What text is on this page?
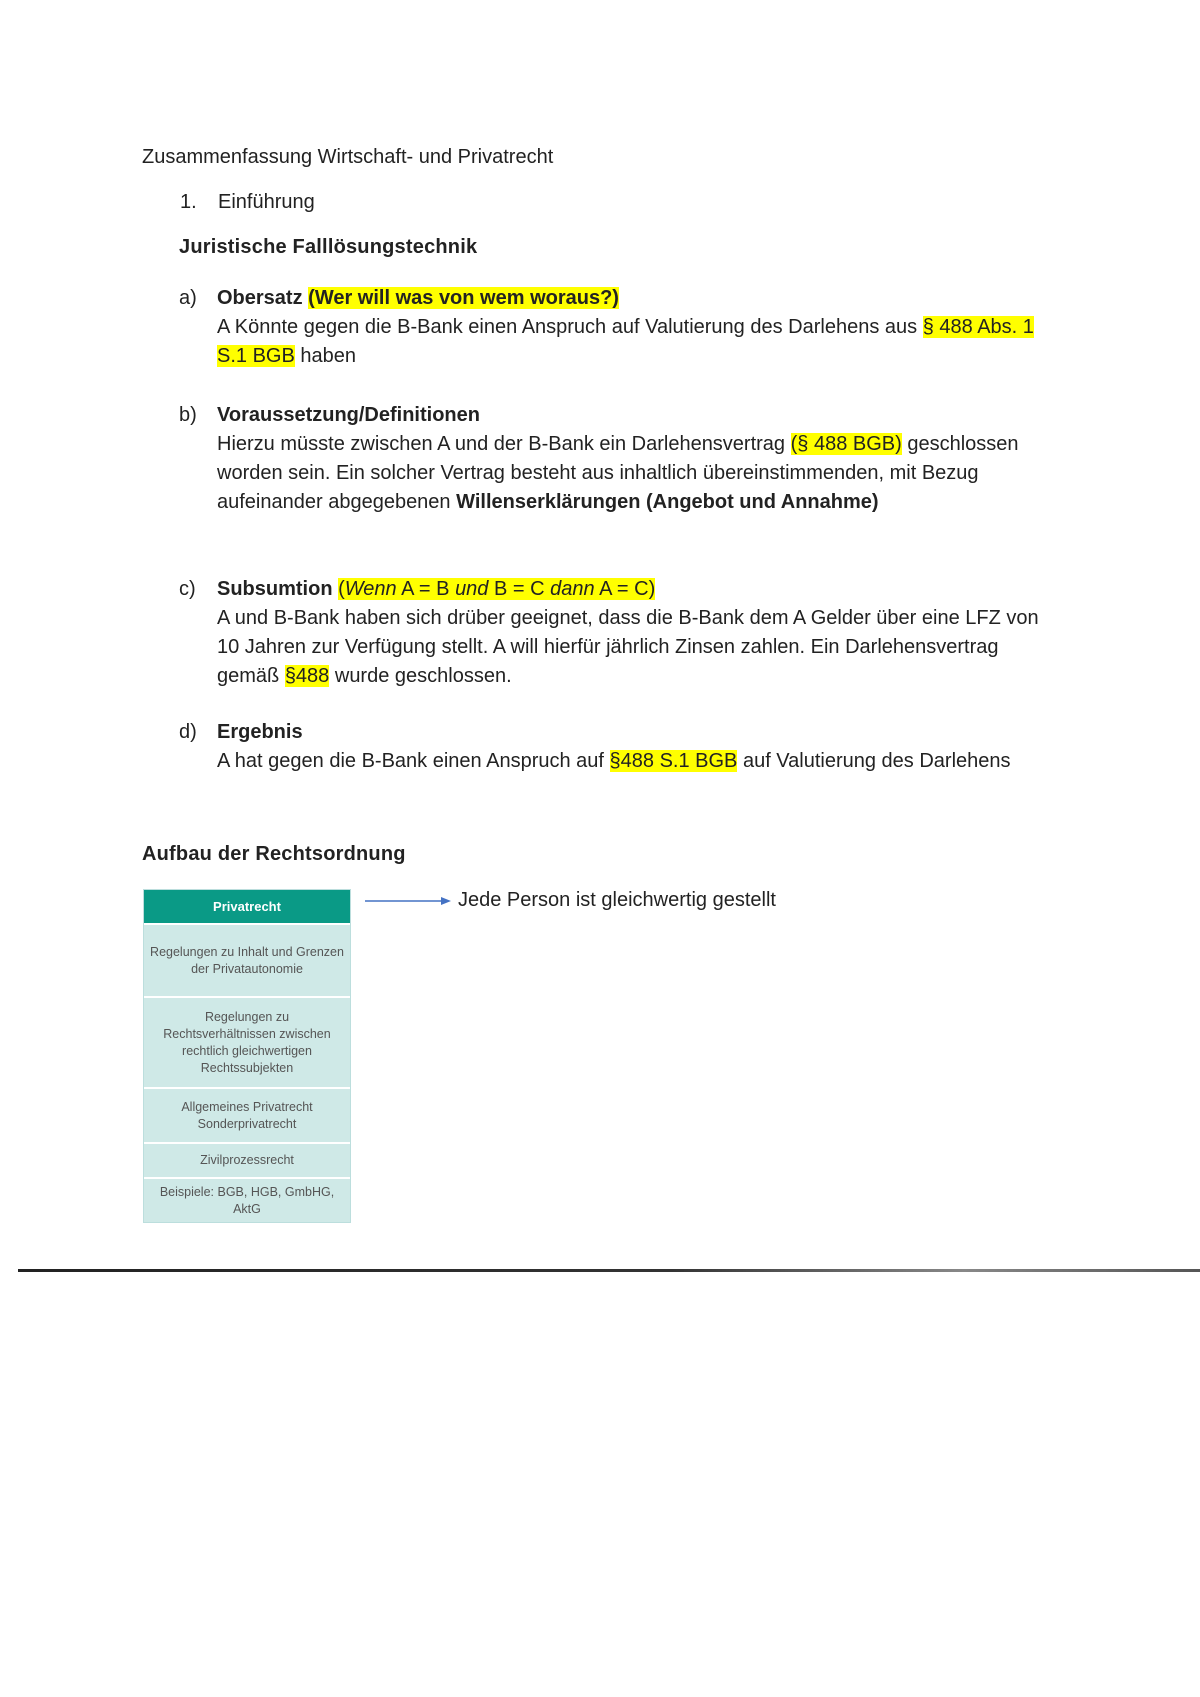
Zusammenfassung Wirtschaft- und Privatrecht
1. Einführung
Juristische Falllösungstechnik
a)	Obersatz (Wer will was von wem woraus?)
A Könnte gegen die B-Bank einen Anspruch auf Valutierung des Darlehens aus § 488 Abs. 1 S.1 BGB haben
b)	Voraussetzung/Definitionen
Hierzu müsste zwischen A und der B-Bank ein Darlehensvertrag (§ 488 BGB) geschlossen worden sein. Ein solcher Vertrag besteht aus inhaltlich übereinstimmenden, mit Bezug aufeinander abgegebenen Willenserklärungen (Angebot und Annahme)
c)	Subsumtion (Wenn A = B und B = C dann A = C)
A und B-Bank haben sich drüber geeignet, dass die B-Bank dem A Gelder über eine LFZ von 10 Jahren zur Verfügung stellt. A will hierfür jährlich Zinsen zahlen. Ein Darlehensvertrag gemäß §488 wurde geschlossen.
d)	Ergebnis
A hat gegen die B-Bank einen Anspruch auf §488 S.1 BGB auf Valutierung des Darlehens
Aufbau der Rechtsordnung
Privatrecht
Regelungen zu Inhalt und Grenzen der Privatautonomie
Regelungen zu Rechtsverhältnissen zwischen rechtlich gleichwertigen Rechtssubjekten
Allgemeines Privatrecht Sonderprivatrecht
Zivilprozessrecht
Beispiele: BGB, HGB, GmbHG, AktG
Jede Person ist gleichwertig gestellt
